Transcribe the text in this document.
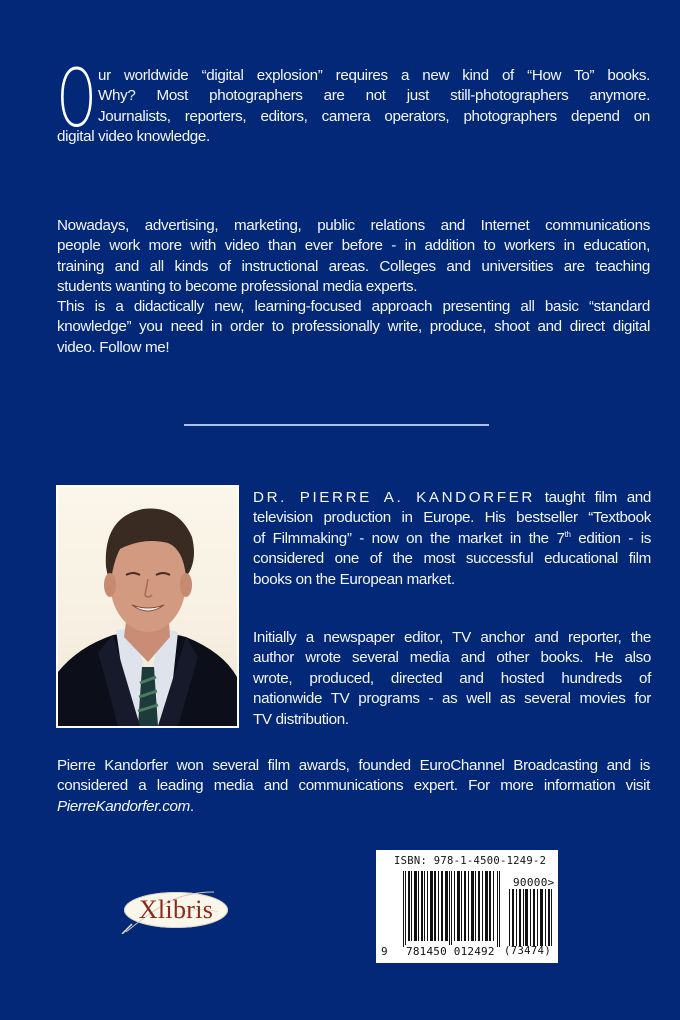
O ur worldwide “digital explosion” requires a new kind of “How To” books.
Why? Most photographers are not just still-photographers anymore.
Journalists, reporters, editors, camera operators, photographers depend on
digital video knowledge.
Nowadays, advertising, marketing, public relations and Internet communications
people work more with video than ever before - in addition to workers in education,
training and all kinds of instructional areas. Colleges and universities are teaching
students wanting to become professional media experts.
This is a didactically new, learning-focused approach presenting all basic “standard
knowledge” you need in order to professionally write, produce, shoot and direct digital
video. Follow me!
DR. PIERRE A. KANDORFER taught film and
television production in Europe. His bestseller “Textbook
of Filmmaking” - now on the market in the 7th edition - is
considered one of the most successful educational film
books on the European market.
Initially a newspaper editor, TV anchor and reporter, the
author wrote several media and other books. He also
wrote, produced, directed and hosted hundreds of
nationwide TV programs - as well as several movies for
TV distribution.
Pierre Kandorfer won several film awards, founded EuroChannel Broadcasting and is
considered a leading media and communications expert. For more information visit
PierreKandorfer.com.
Xlibris
ISBN: 978-1-4500-1249-2
90000>
9 781450 012492 (73474)
